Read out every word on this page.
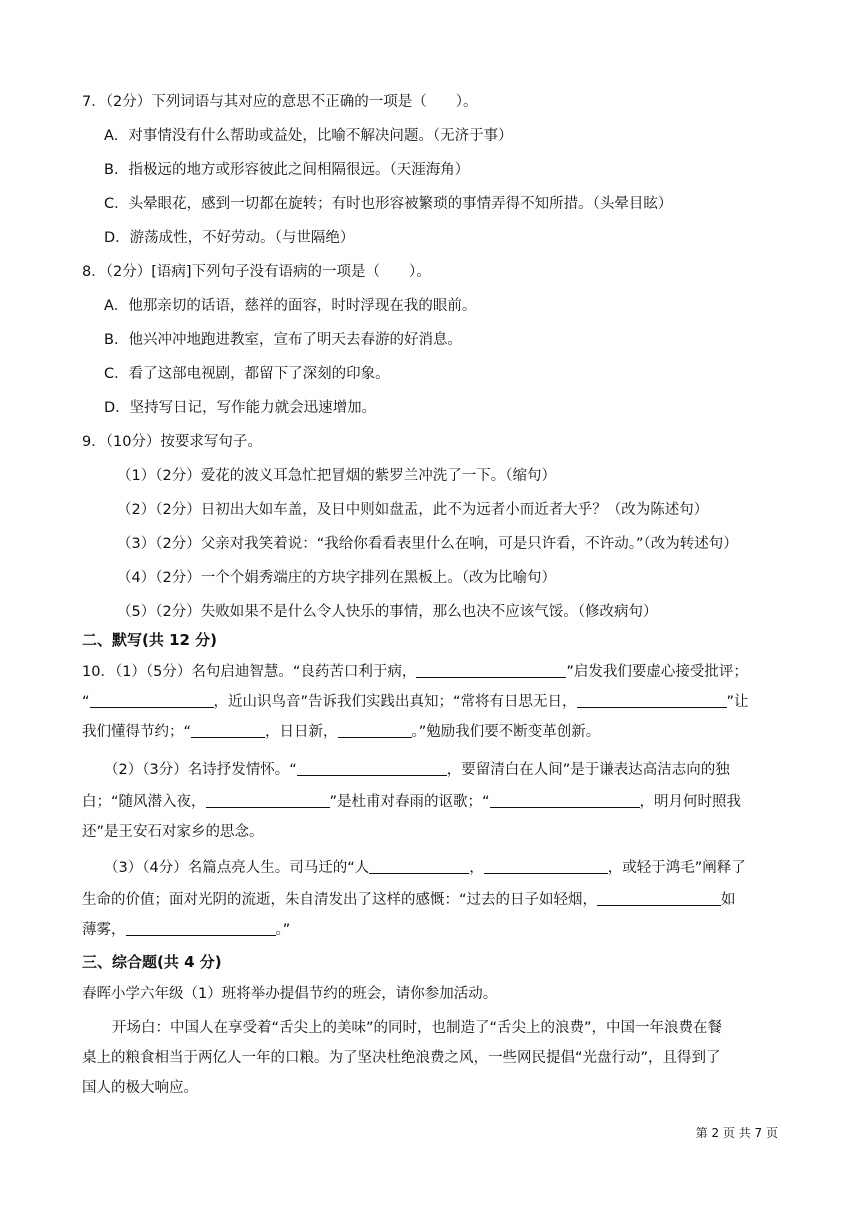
7．（2分）下列词语与其对应的意思不正确的一项是（　　）。
A．对事情没有什么帮助或益处，比喻不解决问题。（无济于事）
B．指极远的地方或形容彼此之间相隔很远。（天涯海角）
C．头晕眼花，感到一切都在旋转；有时也形容被繁琐的事情弄得不知所措。（头晕目眩）
D．游荡成性，不好劳动。（与世隔绝）
8．（2分）[语病]下列句子没有语病的一项是（　　）。
A．他那亲切的话语，慈祥的面容，时时浮现在我的眼前。
B．他兴冲冲地跑进教室，宣布了明天去春游的好消息。
C．看了这部电视剧，都留下了深刻的印象。
D．坚持写日记，写作能力就会迅速增加。
9．（10分）按要求写句子。
（1）（2分）爱花的波义耳急忙把冒烟的紫罗兰冲洗了一下。（缩句）
（2）（2分）日初出大如车盖，及日中则如盘盂，此不为远者小而近者大乎？（改为陈述句）
（3）（2分）父亲对我笑着说：“我给你看看表里什么在响，可是只许看，不许动。”（改为转述句）
（4）（2分）一个个娟秀端庄的方块字排列在黑板上。（改为比喻句）
（5）（2分）失败如果不是什么令人快乐的事情，那么也决不应该气馁。（修改病句）
二、默写(共 12 分)
10．（1）（5分）名句启迪智慧。“良药苦口利于病，	”启发我们要虚心接受批评；
“	，近山识鸟音”告诉我们实践出真知；“常将有日思无日，	”让
我们懂得节约；“	，日日新，	。”勉励我们要不断变革创新。
（2）（3分）名诗抒发情怀。“	，要留清白在人间”是于谦表达高洁志向的独
白；“随风潜入夜，	”是杜甫对春雨的讴歌；“	，明月何时照我
还”是王安石对家乡的思念。
（3）（4分）名篇点亮人生。司马迁的“人	，	，或轻于鸿毛”阐释了
生命的价值；面对光阴的流逝，朱自清发出了这样的感慨：“过去的日子如轻烟，	如
薄雾，	。”
三、综合题(共 4 分)
春晖小学六年级（1）班将举办提倡节约的班会，请你参加活动。
开场白：中国人在享受着“舌尖上的美味”的同时，也制造了“舌尖上的浪费”，中国一年浪费在餐
桌上的粮食相当于两亿人一年的口粮。为了坚决杜绝浪费之风，一些网民提倡“光盘行动”，且得到了
国人的极大响应。
第 2 页 共 7 页
